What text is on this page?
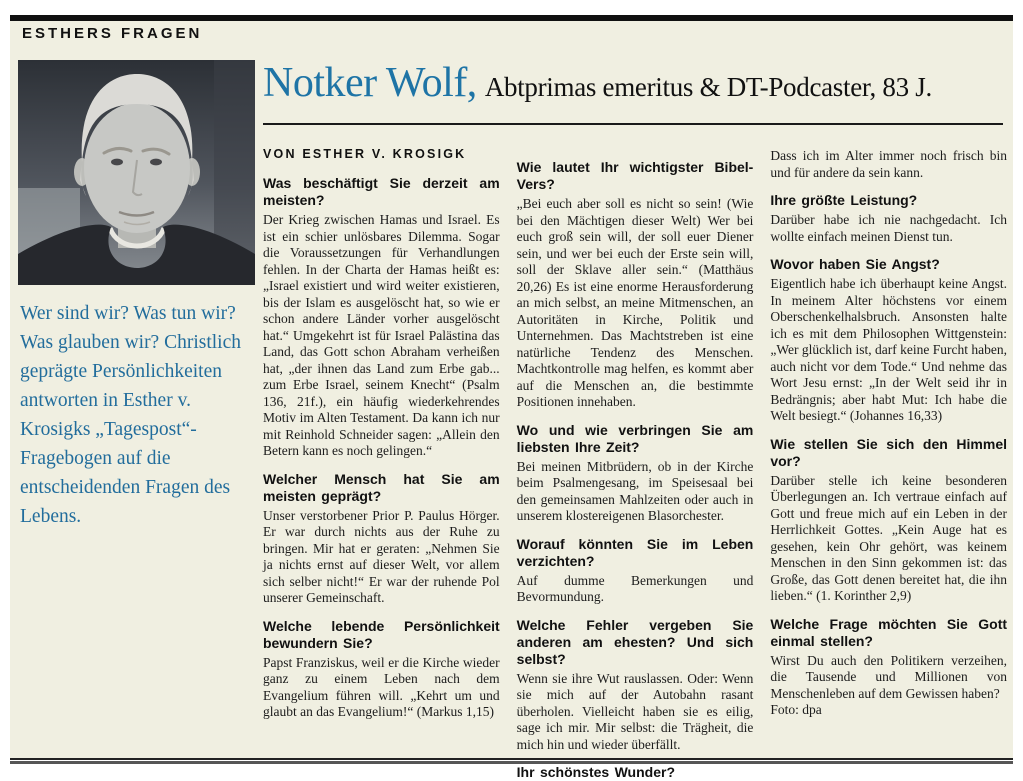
ESTHERS FRAGEN
Wer sind wir? Was tun wir? Was glauben wir? Christlich geprägte Persönlichkeiten antworten in Esther v. Krosigks „Tagespost“-Fragebogen auf die entscheidenden Fragen des Lebens.
Notker Wolf, Abtprimas emeritus & DT-Podcaster, 83 J.
VON ESTHER V. KROSIGK
Was beschäftigt Sie derzeit am meisten?

Der Krieg zwischen Hamas und Israel. Es ist ein schier unlösbares Dilemma. Sogar die Voraussetzungen für Verhandlungen fehlen. In der Charta der Hamas heißt es: „Israel existiert und wird weiter existieren, bis der Islam es ausgelöscht hat, so wie er schon andere Länder vorher ausgelöscht hat.“ Umgekehrt ist für Israel Palästina das Land, das Gott schon Abraham verheißen hat, „der ihnen das Land zum Erbe gab... zum Erbe Israel, seinem Knecht“ (Psalm 136, 21f.), ein häufig wiederkehrendes Motiv im Alten Testament. Da kann ich nur mit Reinhold Schneider sagen: „Allein den Betern kann es noch gelingen.“

Welcher Mensch hat Sie am meisten geprägt?

Unser verstorbener Prior P. Paulus Hörger. Er war durch nichts aus der Ruhe zu bringen. Mir hat er geraten: „Nehmen Sie ja nichts ernst auf dieser Welt, vor allem sich selber nicht!“ Er war der ruhende Pol unserer Gemeinschaft.

Welche lebende Persönlichkeit bewundern Sie?

Papst Franziskus, weil er die Kirche wieder ganz zu einem Leben nach dem Evangelium führen will. „Kehrt um und glaubt an das Evangelium!“ (Markus 1,15)

Wie lautet Ihr wichtigster Bibel-Vers?

„Bei euch aber soll es nicht so sein! (Wie bei den Mächtigen dieser Welt) Wer bei euch groß sein will, der soll euer Diener sein, und wer bei euch der Erste sein will, soll der Sklave aller sein.“ (Matthäus 20,26) Es ist eine enorme Herausforderung an mich selbst, an meine Mitmenschen, an Autoritäten in Kirche, Politik und Unternehmen. Das Machtstreben ist eine natürliche Tendenz des Menschen. Machtkontrolle mag helfen, es kommt aber auf die Menschen an, die bestimmte Positionen innehaben.

Wo und wie verbringen Sie am liebsten Ihre Zeit?

Bei meinen Mitbrüdern, ob in der Kirche beim Psalmengesang, im Speisesaal bei den gemeinsamen Mahlzeiten oder auch in unserem klostereigenen Blasorchester.

Worauf könnten Sie im Leben verzichten?

Auf dumme Bemerkungen und Bevormundung.

Welche Fehler vergeben Sie anderen am ehesten? Und sich selbst?

Wenn sie ihre Wut rauslassen. Oder: Wenn sie mich auf der Autobahn rasant überholen. Vielleicht haben sie es eilig, sage ich mir. Mir selbst: die Trägheit, die mich hin und wieder überfällt.

Ihr schönstes Wunder?

Dass ich im Alter immer noch frisch bin und für andere da sein kann.

Ihre größte Leistung?

Darüber habe ich nie nachgedacht. Ich wollte einfach meinen Dienst tun.

Wovor haben Sie Angst?

Eigentlich habe ich überhaupt keine Angst. In meinem Alter höchstens vor einem Oberschenkelhalsbruch. Ansonsten halte ich es mit dem Philosophen Wittgenstein: „Wer glücklich ist, darf keine Furcht haben, auch nicht vor dem Tode.“ Und nehme das Wort Jesu ernst: „In der Welt seid ihr in Bedrängnis; aber habt Mut: Ich habe die Welt besiegt.“ (Johannes 16,33)

Wie stellen Sie sich den Himmel vor?

Darüber stelle ich keine besonderen Überlegungen an. Ich vertraue einfach auf Gott und freue mich auf ein Leben in der Herrlichkeit Gottes. „Kein Auge hat es gesehen, kein Ohr gehört, was keinem Menschen in den Sinn gekommen ist: das Große, das Gott denen bereitet hat, die ihn lieben.“ (1. Korinther 2,9)

Welche Frage möchten Sie Gott einmal stellen?

Wirst Du auch den Politikern verzeihen, die Tausende und Millionen von Menschenleben auf dem Gewissen haben?

Foto: dpa
